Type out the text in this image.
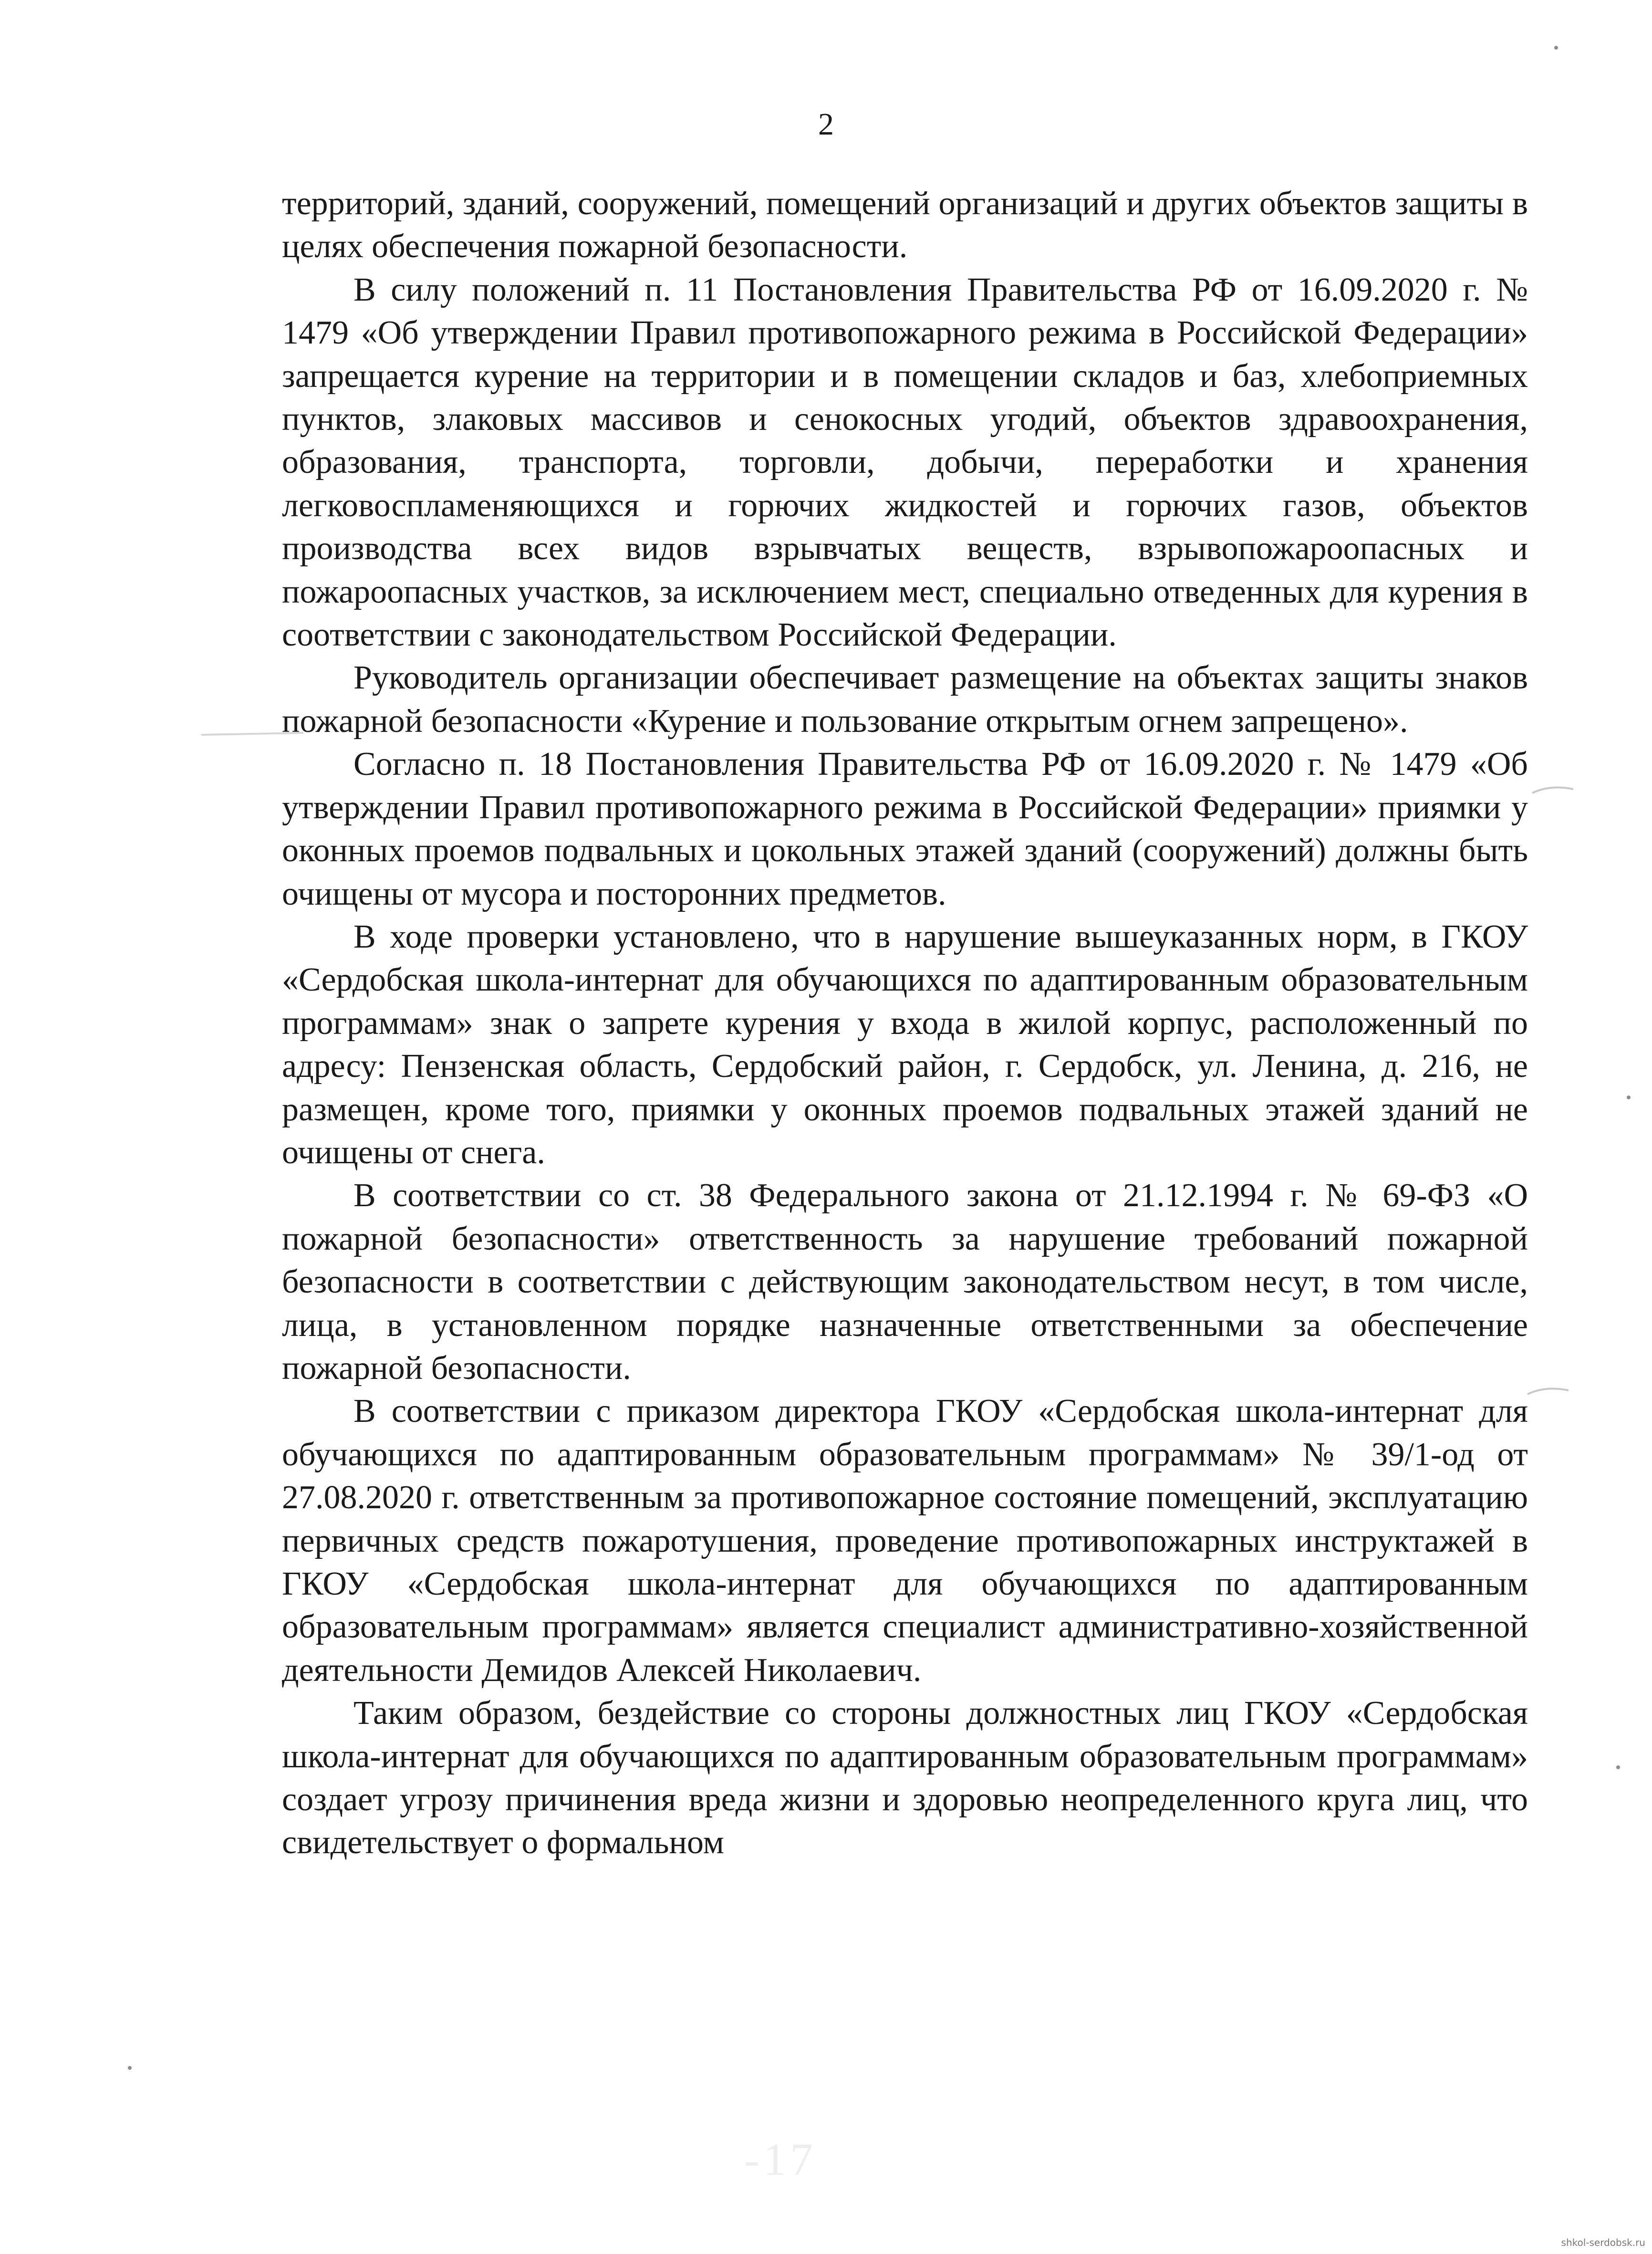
2

территорий, зданий, сооружений, помещений организаций и других объектов защиты в целях обеспечения пожарной безопасности.

В силу положений п. 11 Постановления Правительства РФ от 16.09.2020 г. № 1479 «Об утверждении Правил противопожарного режима в Российской Федерации» запрещается курение на территории и в помещении складов и баз, хлебоприемных пунктов, злаковых массивов и сенокосных угодий, объектов здравоохранения, образования, транспорта, торговли, добычи, переработки и хранения легковоспламеняющихся и горючих жидкостей и горючих газов, объектов производства всех видов взрывчатых веществ, взрывопожароопасных и пожароопасных участков, за исключением мест, специально отведенных для курения в соответствии с законодательством Российской Федерации.

Руководитель организации обеспечивает размещение на объектах защиты знаков пожарной безопасности «Курение и пользование открытым огнем запрещено».

Согласно п. 18 Постановления Правительства РФ от 16.09.2020 г. № 1479 «Об утверждении Правил противопожарного режима в Российской Федерации» приямки у оконных проемов подвальных и цокольных этажей зданий (сооружений) должны быть очищены от мусора и посторонних предметов.

В ходе проверки установлено, что в нарушение вышеуказанных норм, в ГКОУ «Сердобская школа-интернат для обучающихся по адаптированным образовательным программам» знак о запрете курения у входа в жилой корпус, расположенный по адресу: Пензенская область, Сердобский район, г. Сердобск, ул. Ленина, д. 216, не размещен, кроме того, приямки у оконных проемов подвальных этажей зданий не очищены от снега.

В соответствии со ст. 38 Федерального закона от 21.12.1994 г. № 69-ФЗ «О пожарной безопасности» ответственность за нарушение требований пожарной безопасности в соответствии с действующим законодательством несут, в том числе, лица, в установленном порядке назначенные ответственными за обеспечение пожарной безопасности.

В соответствии с приказом директора ГКОУ «Сердобская школа-интернат для обучающихся по адаптированным образовательным программам» № 39/1-од от 27.08.2020 г. ответственным за противопожарное состояние помещений, эксплуатацию первичных средств пожаротушения, проведение противопожарных инструктажей в ГКОУ «Сердобская школа-интернат для обучающихся по адаптированным образовательным программам» является специалист административно-хозяйственной деятельности Демидов Алексей Николаевич.

Таким образом, бездействие со стороны должностных лиц ГКОУ «Сердобская школа-интернат для обучающихся по адаптированным образовательным программам» создает угрозу причинения вреда жизни и здоровью неопределенного круга лиц, что свидетельствует о формальном

-17
shkol-serdobsk.ru
